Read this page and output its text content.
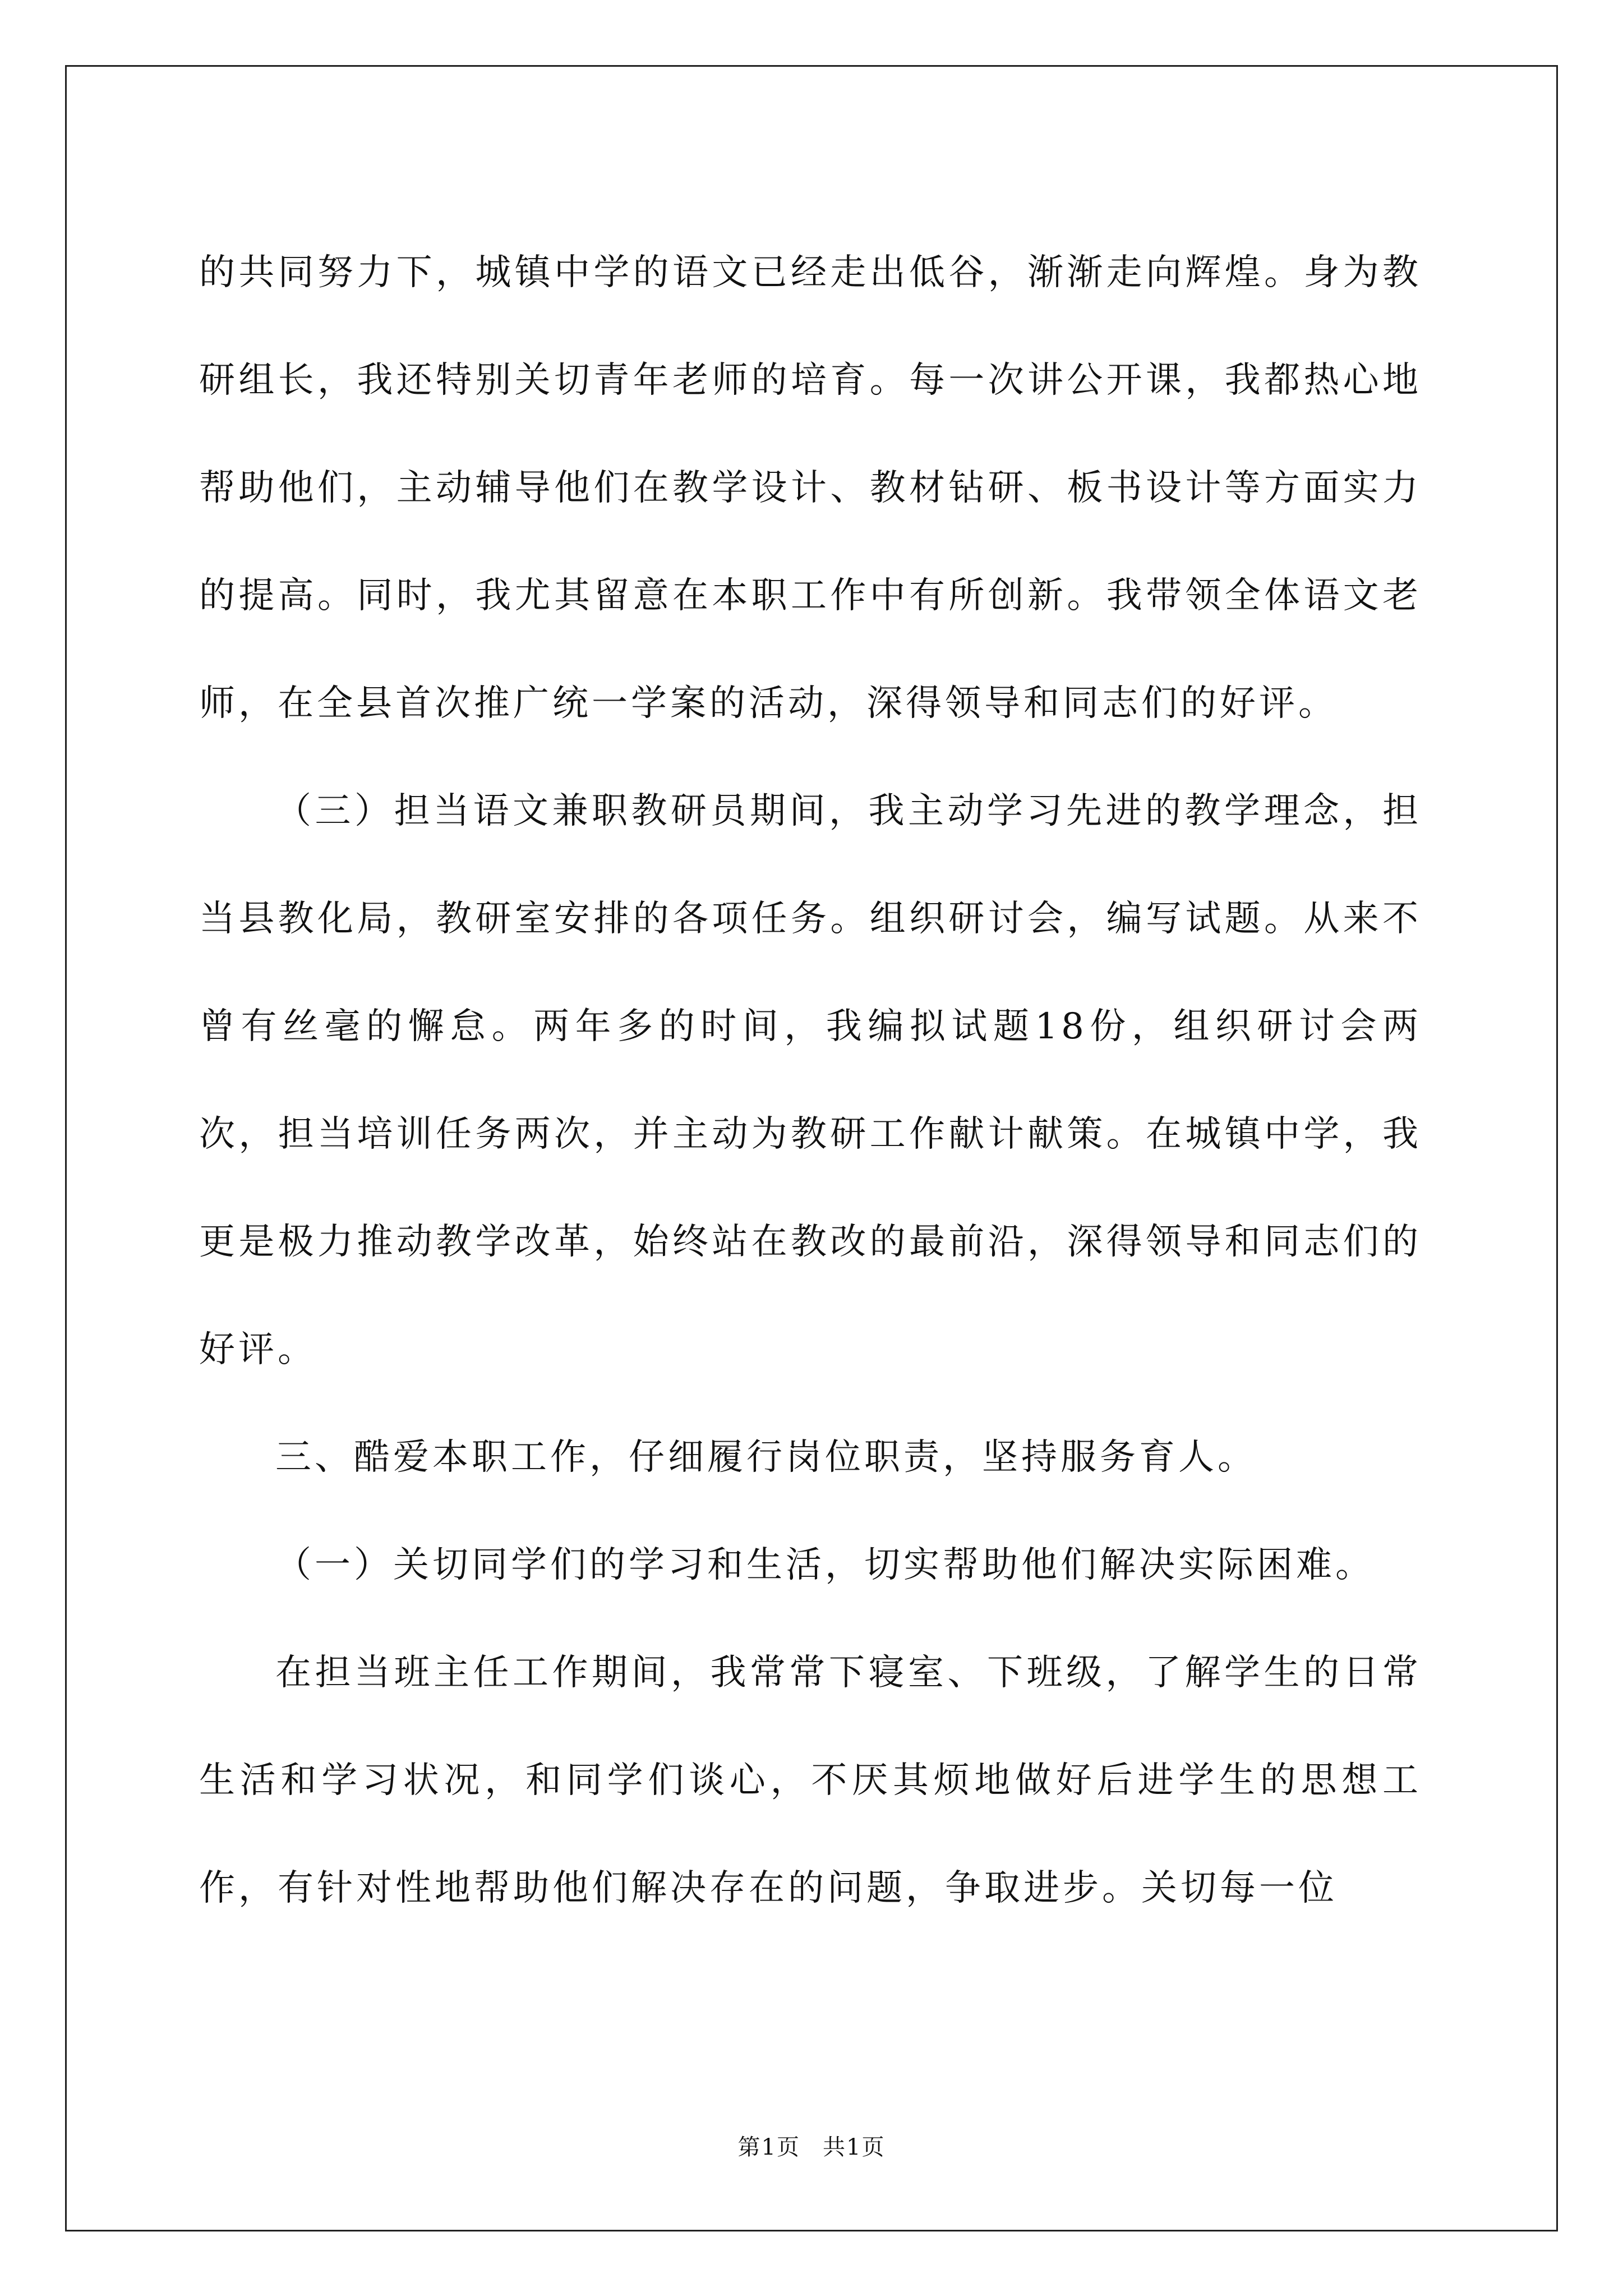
的共同努力下，城镇中学的语文已经走出低谷，渐渐走向辉煌。身为教研组长，我还特别关切青年老师的培育。每一次讲公开课，我都热心地帮助他们，主动辅导他们在教学设计、教材钻研、板书设计等方面实力的提高。同时，我尤其留意在本职工作中有所创新。我带领全体语文老师，在全县首次推广统一学案的活动，深得领导和同志们的好评。

（三）担当语文兼职教研员期间，我主动学习先进的教学理念，担当县教化局，教研室安排的各项任务。组织研讨会，编写试题。从来不曾有丝毫的懈怠。两年多的时间，我编拟试题18份，组织研讨会两次，担当培训任务两次，并主动为教研工作献计献策。在城镇中学，我更是极力推动教学改革，始终站在教改的最前沿，深得领导和同志们的好评。

三、酷爱本职工作，仔细履行岗位职责，坚持服务育人。

（一）关切同学们的学习和生活，切实帮助他们解决实际困难。

在担当班主任工作期间，我常常下寝室、下班级，了解学生的日常生活和学习状况，和同学们谈心，不厌其烦地做好后进学生的思想工作，有针对性地帮助他们解决存在的问题，争取进步。关切每一位

第1页 共1页
